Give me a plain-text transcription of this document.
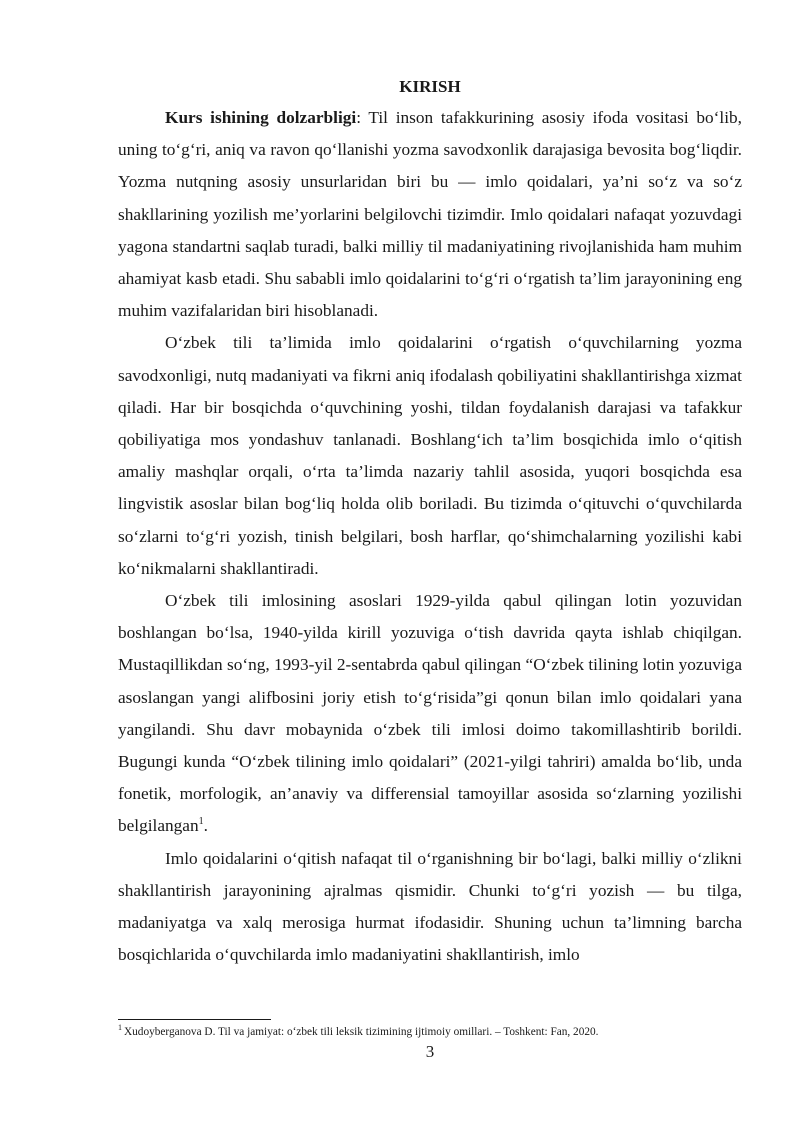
KIRISH

Kurs ishining dolzarbligi: Til inson tafakkurining asosiy ifoda vositasi bo‘lib, uning to‘g‘ri, aniq va ravon qo‘llanishi yozma savodxonlik darajasiga bevosita bog‘liqdir. Yozma nutqning asosiy unsurlaridan biri bu — imlo qoidalari, ya’ni so‘z va so‘z shakllarining yozilish me’yorlarini belgilovchi tizimdir. Imlo qoidalari nafaqat yozuvdagi yagona standartni saqlab turadi, balki milliy til madaniyatining rivojlanishida ham muhim ahamiyat kasb etadi. Shu sababli imlo qoidalarini to‘g‘ri o‘rgatish ta’lim jarayonining eng muhim vazifalaridan biri hisoblanadi.

O‘zbek tili ta’limida imlo qoidalarini o‘rgatish o‘quvchilarning yozma savodxonligi, nutq madaniyati va fikrni aniq ifodalash qobiliyatini shakllantirishga xizmat qiladi. Har bir bosqichda o‘quvchining yoshi, tildan foydalanish darajasi va tafakkur qobiliyatiga mos yondashuv tanlanadi. Boshlang‘ich ta’lim bosqichida imlo o‘qitish amaliy mashqlar orqali, o‘rta ta’limda nazariy tahlil asosida, yuqori bosqichda esa lingvistik asoslar bilan bog‘liq holda olib boriladi. Bu tizimda o‘qituvchi o‘quvchilarda so‘zlarni to‘g‘ri yozish, tinish belgilari, bosh harflar, qo‘shimchalarning yozilishi kabi ko‘nikmalarni shakllantiradi.

O‘zbek tili imlosining asoslari 1929-yilda qabul qilingan lotin yozuvidan boshlangan bo‘lsa, 1940-yilda kirill yozuviga o‘tish davrida qayta ishlab chiqilgan. Mustaqillikdan so‘ng, 1993-yil 2-sentabrda qabul qilingan “O‘zbek tilining lotin yozuviga asoslangan yangi alifbosini joriy etish to‘g‘risida”gi qonun bilan imlo qoidalari yana yangilandi. Shu davr mobaynida o‘zbek tili imlosi doimo takomillashtirib borildi. Bugungi kunda “O‘zbek tilining imlo qoidalari” (2021-yilgi tahriri) amalda bo‘lib, unda fonetik, morfologik, an’anaviy va differensial tamoyillar asosida so‘zlarning yozilishi belgilangan$^1$.

Imlo qoidalarini o‘qitish nafaqat til o‘rganishning bir bo‘lagi, balki milliy o‘zlikni shakllantirish jarayonining ajralmas qismidir. Chunki to‘g‘ri yozish — bu tilga, madaniyatga va xalq merosiga hurmat ifodasidir. Shuning uchun ta’limning barcha bosqichlarida o‘quvchilarda imlo madaniyatini shakllantirish, imlo

$^1$ Xudoyberganova D. Til va jamiyat: o‘zbek tili leksik tizimining ijtimoiy omillari. – Toshkent: Fan, 2020.

3
